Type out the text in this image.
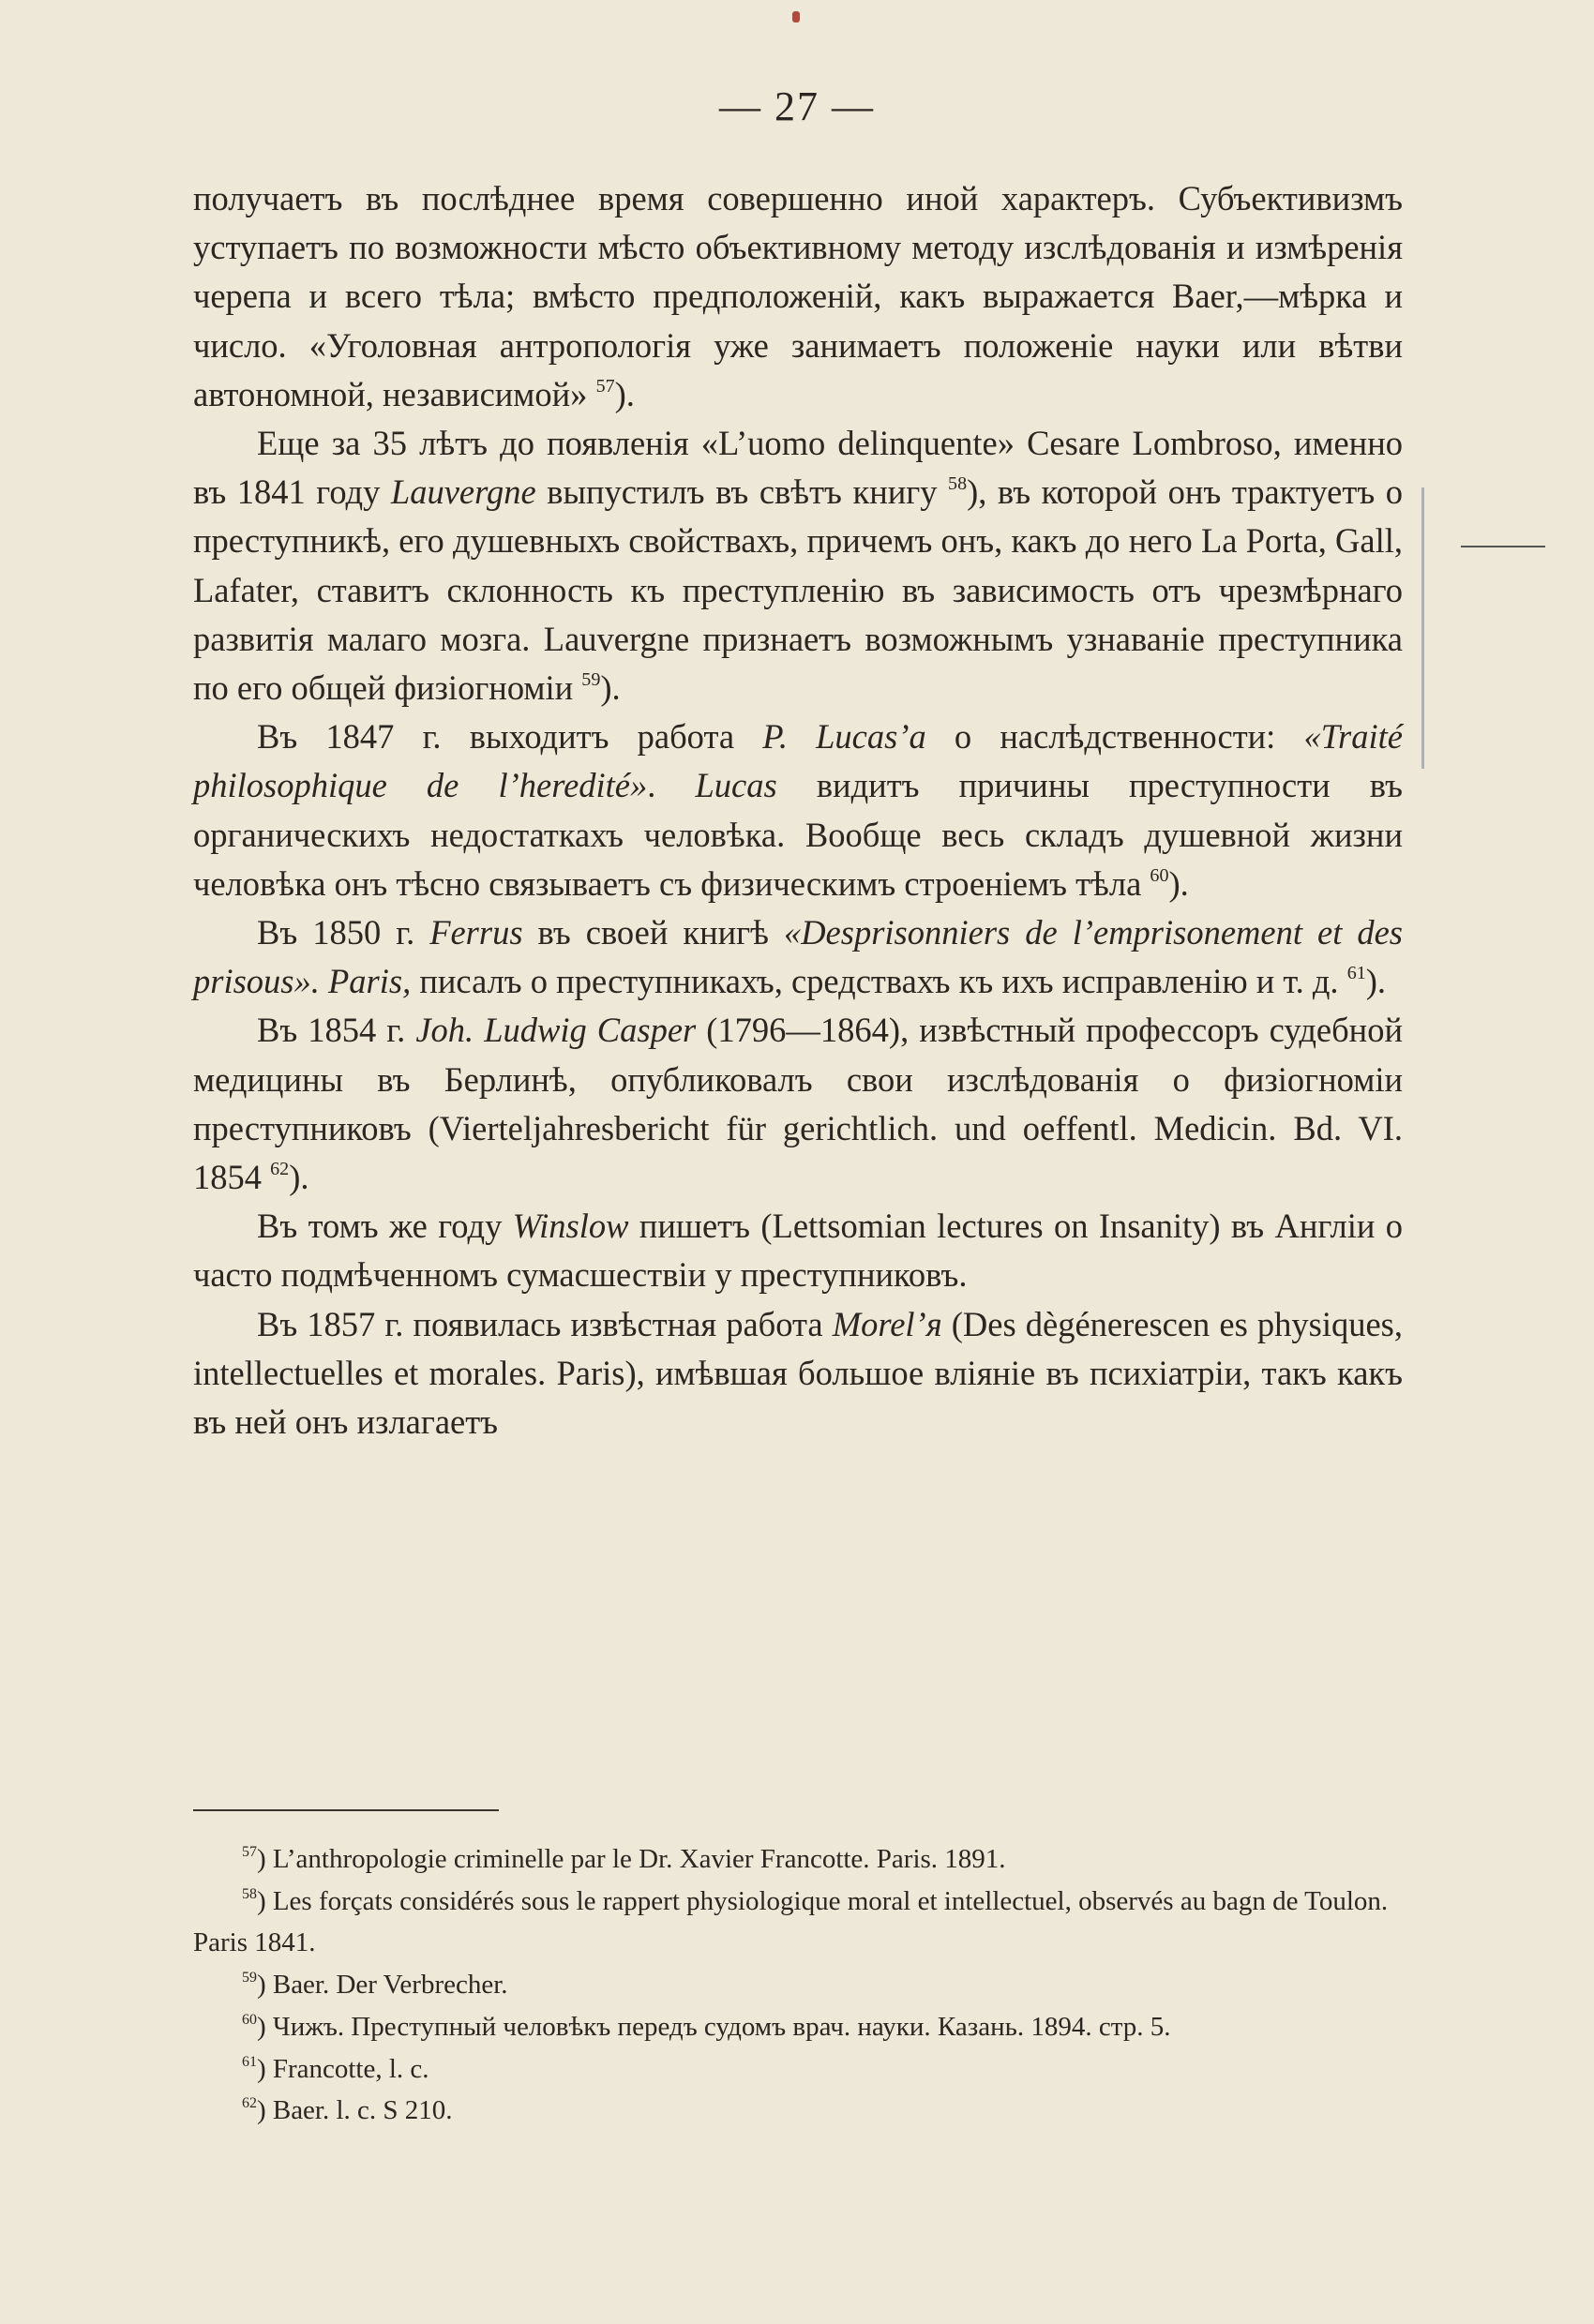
— 27 —

получаетъ въ послѣднее время совершенно иной характеръ. Субъективизмъ уступаетъ по возможности мѣсто объективному методу изслѣдованія и измѣренія черепа и всего тѣла; вмѣсто предположеній, какъ выражается Baer,—мѣрка и число. «Уголовная антропологія уже занимаетъ положеніе науки или вѣтви автономной, независимой» $^{57}$).

Еще за 35 лѣтъ до появленія «L’uomo delinquente» Cesare Lombroso, именно въ 1841 году Lauvergne выпустилъ въ свѣтъ книгу $^{58}$), въ которой онъ трактуетъ о преступникѣ, его душевныхъ свойствахъ, причемъ онъ, какъ до него La Porta, Gall, Lafater, ставитъ склонность къ преступленію въ зависимость отъ чрезмѣрнаго развитія малаго мозга. Lauvergne признаетъ возможнымъ узнаваніе преступника по его общей физіогноміи $^{59}$).

Въ 1847 г. выходитъ работа P. Lucas’a о наслѣдственности: «Traité philosophique de l’heredité». Lucas видитъ причины преступности въ органическихъ недостаткахъ человѣка. Вообще весь складъ душевной жизни человѣка онъ тѣсно связываетъ съ физическимъ строеніемъ тѣла $^{60}$).

Въ 1850 г. Ferrus въ своей книгѣ «Desprisonniers de l’emprisonement et des prisous». Paris, писалъ о преступникахъ, средствахъ къ ихъ исправленію и т. д. $^{61}$).

Въ 1854 г. Joh. Ludwig Casper (1796—1864), извѣстный профессоръ судебной медицины въ Берлинѣ, опубликовалъ свои изслѣдованія о физіогноміи преступниковъ (Vierteljahresbericht für gerichtlich. und oeffentl. Medicin. Bd. VI. 1854 $^{62}$).

Въ томъ же году Winslow пишетъ (Lettsomian lectures on Insanity) въ Англіи о часто подмѣченномъ сумасшествіи у преступниковъ.

Въ 1857 г. появилась извѣстная работа Morel’я (Des dègénerescen es physiques, intellectuelles et morales. Paris), имѣвшая большое вліяніе въ психіатріи, такъ какъ въ ней онъ излагаетъ

$^{57}$) L’anthropologie criminelle par le Dr. Xavier Francotte. Paris. 1891.

$^{58}$) Les forçats considérés sous le rappert physiologique moral et intellectuel, observés au bagn de Toulon. Paris 1841.

$^{59}$) Baer. Der Verbrecher.

$^{60}$) Чижъ. Преступный человѣкъ передъ судомъ врач. науки. Казань. 1894. стр. 5.

$^{61}$) Francotte, l. c.

$^{62}$) Baer. l. c. S 210.
